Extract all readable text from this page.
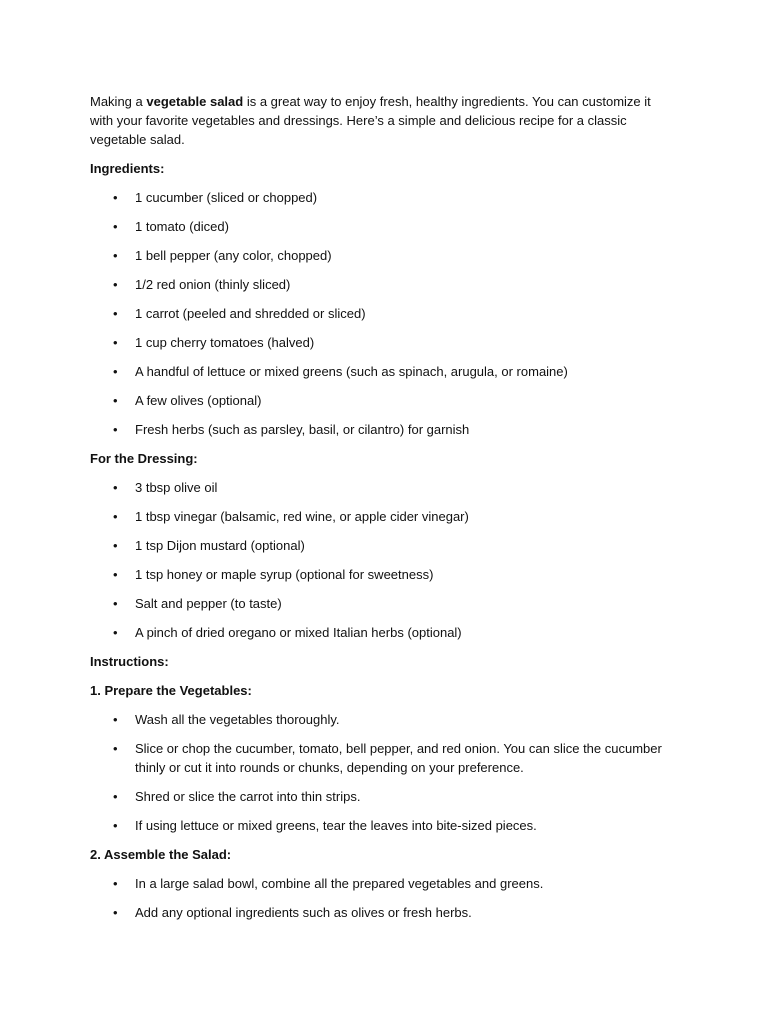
Making a vegetable salad is a great way to enjoy fresh, healthy ingredients. You can customize it with your favorite vegetables and dressings. Here’s a simple and delicious recipe for a classic vegetable salad.

Ingredients:
• 1 cucumber (sliced or chopped)
• 1 tomato (diced)
• 1 bell pepper (any color, chopped)
• 1/2 red onion (thinly sliced)
• 1 carrot (peeled and shredded or sliced)
• 1 cup cherry tomatoes (halved)
• A handful of lettuce or mixed greens (such as spinach, arugula, or romaine)
• A few olives (optional)
• Fresh herbs (such as parsley, basil, or cilantro) for garnish
For the Dressing:
• 3 tbsp olive oil
• 1 tbsp vinegar (balsamic, red wine, or apple cider vinegar)
• 1 tsp Dijon mustard (optional)
• 1 tsp honey or maple syrup (optional for sweetness)
• Salt and pepper (to taste)
• A pinch of dried oregano or mixed Italian herbs (optional)
Instructions:
1. Prepare the Vegetables:
• Wash all the vegetables thoroughly.
• Slice or chop the cucumber, tomato, bell pepper, and red onion. You can slice the cucumber thinly or cut it into rounds or chunks, depending on your preference.
• Shred or slice the carrot into thin strips.
• If using lettuce or mixed greens, tear the leaves into bite-sized pieces.
2. Assemble the Salad:
• In a large salad bowl, combine all the prepared vegetables and greens.
• Add any optional ingredients such as olives or fresh herbs.
